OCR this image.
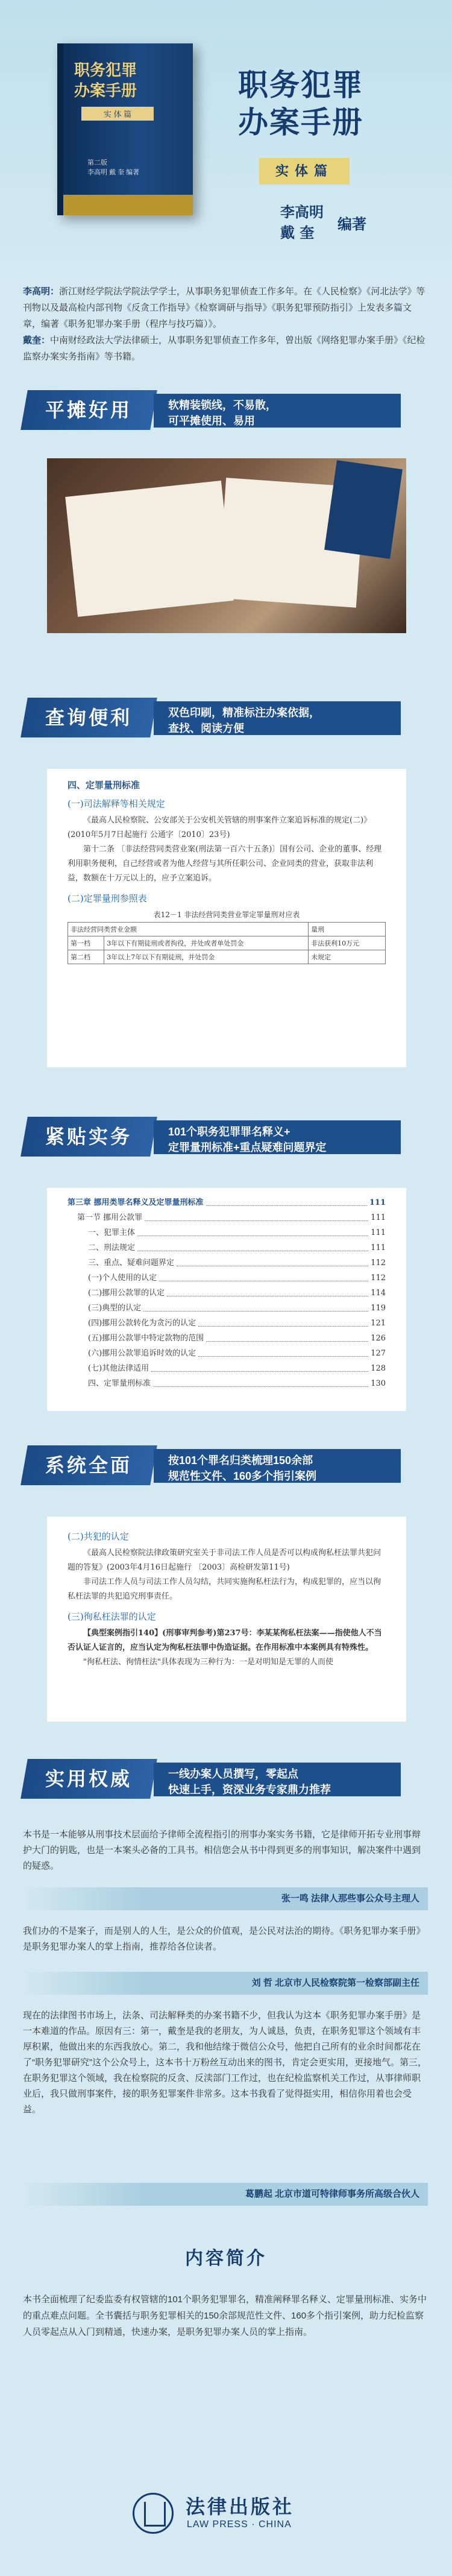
职务犯罪
办案手册
实 体 篇
第二版
李高明 戴 奎 编著
职务犯罪
办案手册
实体篇
李高明
戴 奎	编著
李高明：浙江财经学院法学院法学学士，从事职务犯罪侦查工作多年。在《人民检察》《河北法学》等刊物以及最高检内部刊物《反贪工作指导》《检察调研与指导》《职务犯罪预防指引》上发表多篇文章，编著《职务犯罪办案手册（程序与技巧篇）》。
戴奎：中南财经政法大学法律硕士，从事职务犯罪侦查工作多年，曾出版《网络犯罪办案手册》《纪检监察办案实务指南》等书籍。
平摊好用	软精装锁线，不易散，
可平摊使用、易用
查询便利	双色印刷，精准标注办案依据，
查找、阅读方便
四、定罪量刑标准
(一)司法解释等相关规定

《最高人民检察院、公安部关于公安机关管辖的刑事案件立案追诉标准的规定(二)》(2010年5月7日起施行 公通字〔2010〕23号)

第十二条 〔非法经营同类营业案(刑法第一百六十五条)〕国有公司、企业的董事、经理利用职务便利，自己经营或者为他人经营与其所任职公司、企业同类的营业，获取非法利益，数额在十万元以上的，应予立案追诉。

(二)定罪量刑参照表
表12－1 非法经营同类营业罪定罪量刑对应表
非法经营同类营业金额		量刑
第一档	3年以下有期徒刑或者拘役，并处或者单处罚金	非法获利10万元
第二档	3年以上7年以下有期徒刑，并处罚金	未规定
紧贴实务	101个职务犯罪罪名释义+
定罪量刑标准+重点疑难问题界定
第三章 挪用类罪名释义及定罪量刑标准	111
第一节 挪用公款罪	111
一、犯罪主体	111
二、刑法规定	111
三、重点、疑难问题界定	112
(一)个人使用的认定	112
(二)挪用公款罪的认定	114
(三)典型的认定	119
(四)挪用公款转化为贪污的认定	121
(五)挪用公款罪中特定款物的范围	126
(六)挪用公款罪追诉时效的认定	127
(七)其他法律适用	128
四、定罪量刑标准	130
系统全面	按101个罪名归类梳理150余部
规范性文件、160多个指引案例
(二)共犯的认定

《最高人民检察院法律政策研究室关于非司法工作人员是否可以构成徇私枉法罪共犯问题的答复》(2003年4月16日起施行 〔2003〕高检研发第11号)

非司法工作人员与司法工作人员勾结，共同实施徇私枉法行为，构成犯罪的，应当以徇私枉法罪的共犯追究刑事责任。

(三)徇私枉法罪的认定

【典型案例指引140】(刑事审判参考)第237号：李某某徇私枉法案——指使他人不当否认证人证言的，应当认定为徇私枉法罪中伪造证据。在作用标准中本案例具有特殊性。

"徇私枉法、徇情枉法"具体表现为三种行为：一是对明知是无罪的人而使

实用权威	一线办案人员撰写，零起点
快速上手，资深业务专家鼎力推荐
本书是一本能够从刑事技术层面给予律师全流程指引的刑事办案实务书籍，它是律师开拓专业刑事辩护大门的钥匙，也是一本案头必备的工具书。相信您会从书中得到更多的刑事知识，解决案件中遇到的疑惑。
张一鸣 法律人那些事公众号主理人
我们办的不是案子，而是别人的人生，是公众的价值观，是公民对法治的期待。《职务犯罪办案手册》是职务犯罪办案人的掌上指南，推荐给各位读者。
刘 哲 北京市人民检察院第一检察部副主任
现在的法律图书市场上，法条、司法解释类的办案书籍不少，但我认为这本《职务犯罪办案手册》是一本难道的作品。原因有三：第一，戴奎是我的老朋友，为人诚恳，负责，在职务犯罪这个领域有丰厚积累，他做出来的东西我放心。第二，我和他结缘于微信公众号，他把自己所有的业余时间都花在了“职务犯罪研究”这个公众号上，这本书十万粉丝互动出来的图书，肯定会更实用，更接地气。第三，在职务犯罪这个领域，我在检察院的反贪、反渎部门工作过，也在纪检监察机关工作过，从事律师职业后，我只做刑事案件，接的职务犯罪案件非常多。这本书我看了觉得挺实用，相信你用着也会受益。
葛鹏起 北京市道可特律师事务所高级合伙人
内容简介
本书全面梳理了纪委监委有权管辖的101个职务犯罪罪名，精准阐释罪名释义、定罪量刑标准、实务中的重点难点问题。全书囊括与职务犯罪相关的150余部规范性文件、160多个指引案例，助力纪检监察人员零起点从入门到精通，快速办案，是职务犯罪办案人员的掌上指南。
法律出版社
LAW PRESS · CHINA
